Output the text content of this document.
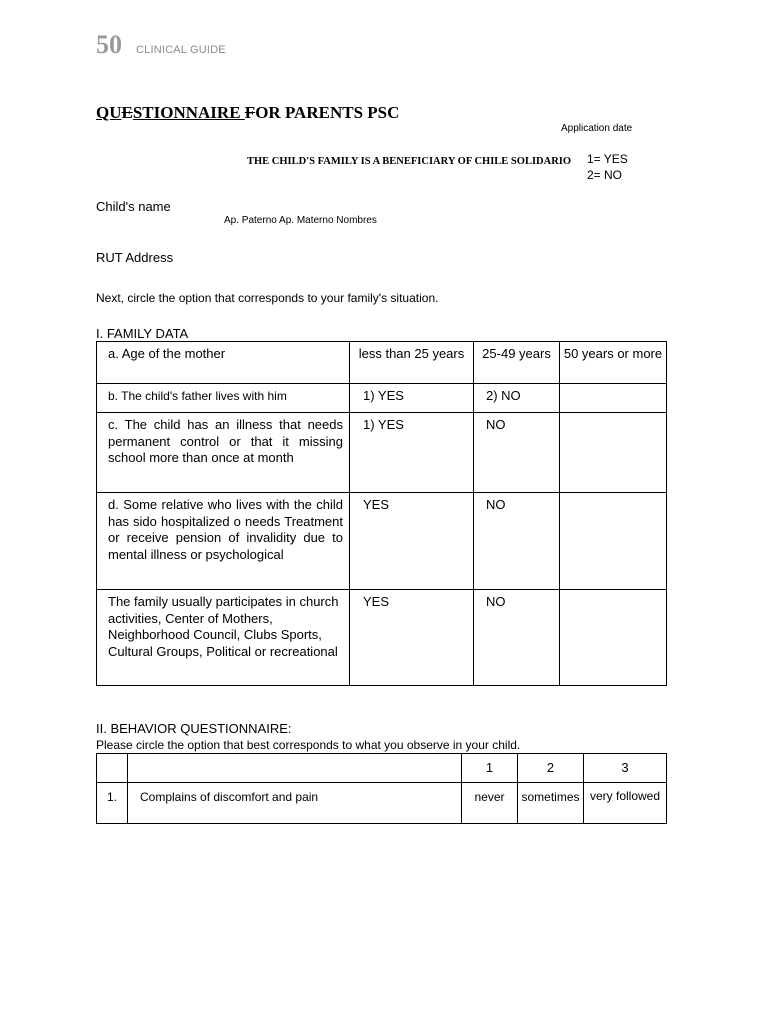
50 CLINICAL GUIDE
QUESTIONNAIRE FOR PARENTS PSC
Application date
THE CHILD'S FAMILY IS A BENEFICIARY OF CHILE SOLIDARIO 1= YES
2= NO
Child's name
Ap. Paterno Ap. Materno Nombres
RUT Address
Next, circle the option that corresponds to your family's situation.
I. FAMILY DATA
a. Age of the mother	less than 25 years	25-49 years	50 years or more
b. The child's father lives with him	1) YES	2) NO	
c. The child has an illness that needs permanent control or that it missing school more than once at month	1) YES	NO	
d. Some relative who lives with the child has sido hospitalized o needs Treatment or receive pension of invalidity due to mental illness or psychological	YES	NO	
The family usually participates in church activities, Center of Mothers, Neighborhood Council, Clubs Sports, Cultural Groups, Political or recreational	YES	NO	
II. BEHAVIOR QUESTIONNAIRE:
Please circle the option that best corresponds to what you observe in your child.
		1	2	3
1.	Complains of discomfort and pain	never	sometimes	very followed
